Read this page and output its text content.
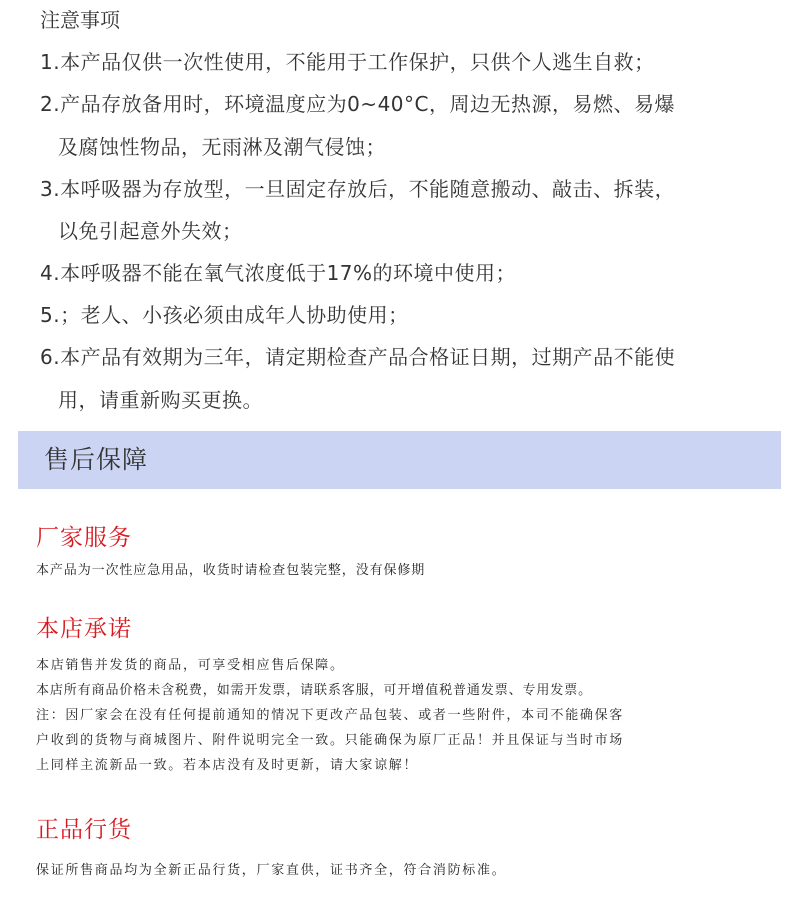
注意事项
1.本产品仅供一次性使用，不能用于工作保护，只供个人逃生自救；
2.产品存放备用时，环境温度应为0~40°C，周边无热源，易燃、易爆
及腐蚀性物品，无雨淋及潮气侵蚀；
3.本呼吸器为存放型，一旦固定存放后，不能随意搬动、敲击、拆装，
以免引起意外失效；
4.本呼吸器不能在氧气浓度低于17%的环境中使用；
5.；老人、小孩必须由成年人协助使用；
6.本产品有效期为三年，请定期检查产品合格证日期，过期产品不能使
用，请重新购买更换。
售后保障
厂家服务
本产品为一次性应急用品，收货时请检查包装完整，没有保修期
本店承诺
本店销售并发货的商品，可享受相应售后保障。
本店所有商品价格未含税费，如需开发票，请联系客服，可开增值税普通发票、专用发票。
注：因厂家会在没有任何提前通知的情况下更改产品包装、或者一些附件，本司不能确保客
户收到的货物与商城图片、附件说明完全一致。只能确保为原厂正品！并且保证与当时市场
上同样主流新品一致。若本店没有及时更新，请大家谅解！
正品行货
保证所售商品均为全新正品行货，厂家直供，证书齐全，符合消防标准。
